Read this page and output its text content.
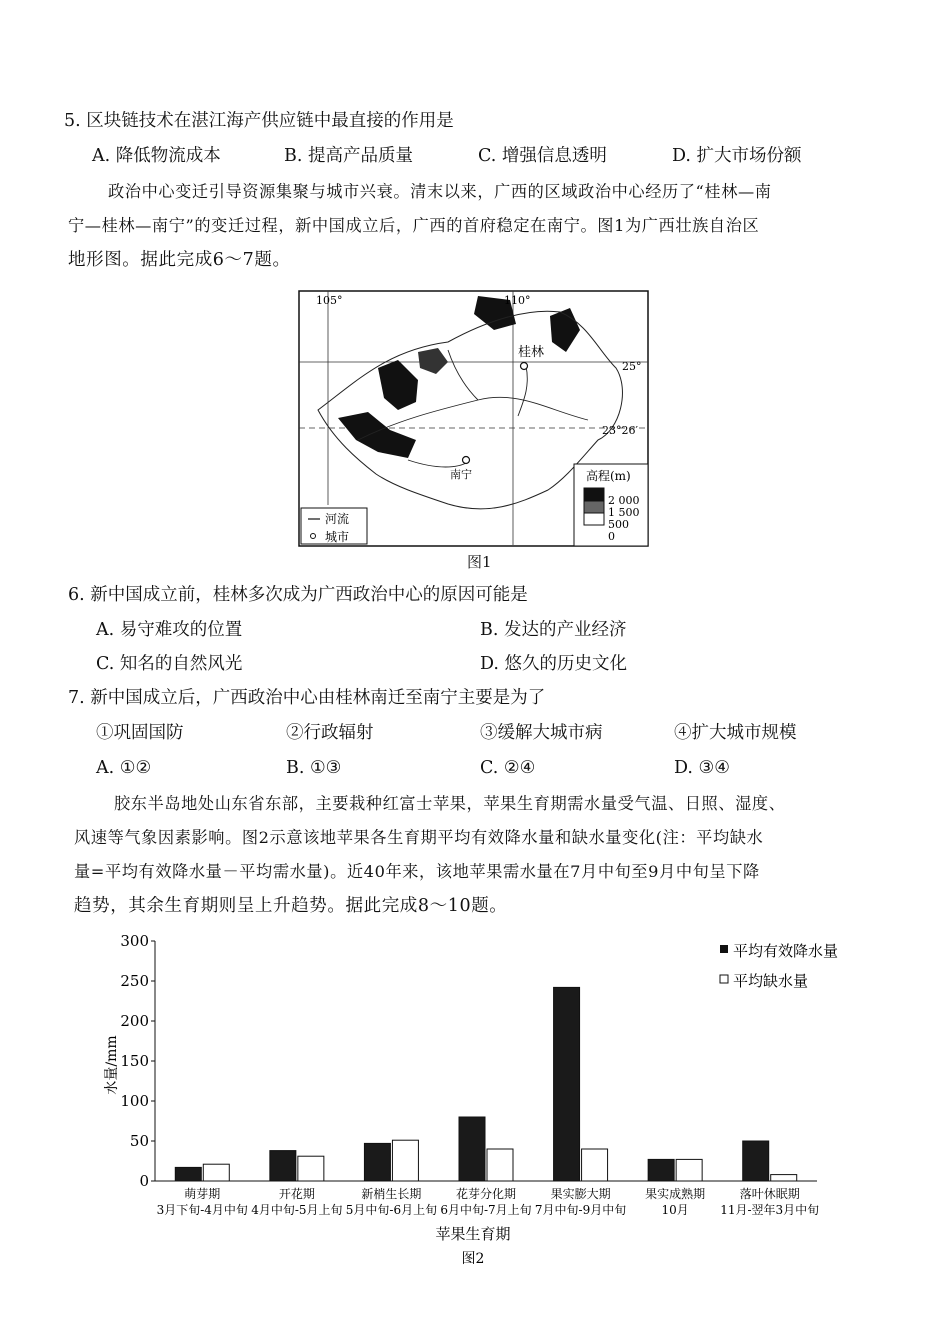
5. 区块链技术在湛江海产供应链中最直接的作用是
A. 降低物流成本	B. 提高产品质量	C. 增强信息透明	D. 扩大市场份额
政治中心变迁引导资源集聚与城市兴衰。清末以来，广西的区域政治中心经历了“桂林—南
宁—桂林—南宁”的变迁过程，新中国成立后，广西的首府稳定在南宁。图1为广西壮族自治区
地形图。据此完成6～7题。
桂林
南宁
105°	110°
25°
23°26′
河流
城市
高程(m)
2 000
1 500
500
0
图1
6. 新中国成立前，桂林多次成为广西政治中心的原因可能是
A. 易守难攻的位置	B. 发达的产业经济
C. 知名的自然风光	D. 悠久的历史文化
7. 新中国成立后，广西政治中心由桂林南迁至南宁主要是为了
①巩固国防	②行政辐射	③缓解大城市病	④扩大城市规模
A. ①②	B. ①③	C. ②④	D. ③④
胶东半岛地处山东省东部，主要栽种红富士苹果，苹果生育期需水量受气温、日照、湿度、
风速等气象因素影响。图2示意该地苹果各生育期平均有效降水量和缺水量变化(注：平均缺水
量=平均有效降水量－平均需水量)。近40年来，该地苹果需水量在7月中旬至9月中旬呈下降
趋势，其余生育期则呈上升趋势。据此完成8～10题。
0
50
100
150
200
250
300
萌芽期
3月下旬-4月中旬
开花期
4月中旬-5月上旬
新梢生长期
5月中旬-6月上旬
花芽分化期
6月中旬-7月上旬
果实膨大期
7月中旬-9月中旬
果实成熟期
10月
落叶休眠期
11月-翌年3月中旬
水量/mm
苹果生育期
图2
平均有效降水量
平均缺水量
